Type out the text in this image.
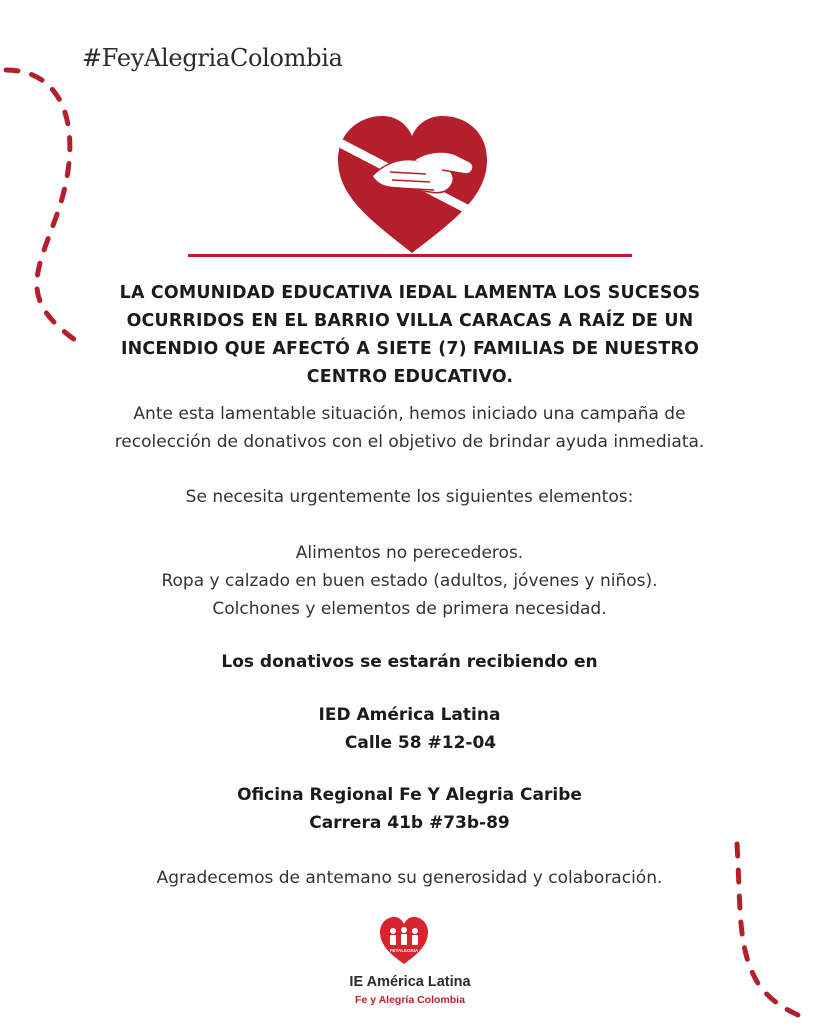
#FeyAlegriaColombia
LA COMUNIDAD EDUCATIVA IEDAL LAMENTA LOS SUCESOS
OCURRIDOS EN EL BARRIO VILLA CARACAS A RAÍZ DE UN
INCENDIO QUE AFECTÓ A SIETE (7) FAMILIAS DE NUESTRO
CENTRO EDUCATIVO.
Ante esta lamentable situación, hemos iniciado una campaña de
recolección de donativos con el objetivo de brindar ayuda inmediata.
Se necesita urgentemente los siguientes elementos:
Alimentos no perecederos.
Ropa y calzado en buen estado (adultos, jóvenes y niños).
Colchones y elementos de primera necesidad.
Los donativos se estarán recibiendo en
IED América Latina
Calle 58 #12-04
Oficina Regional Fe Y Alegria Caribe
Carrera 41b #73b-89
Agradecemos de antemano su generosidad y colaboración.
FEYALEGRIA
IE América Latina
Fe y Alegría Colombia
